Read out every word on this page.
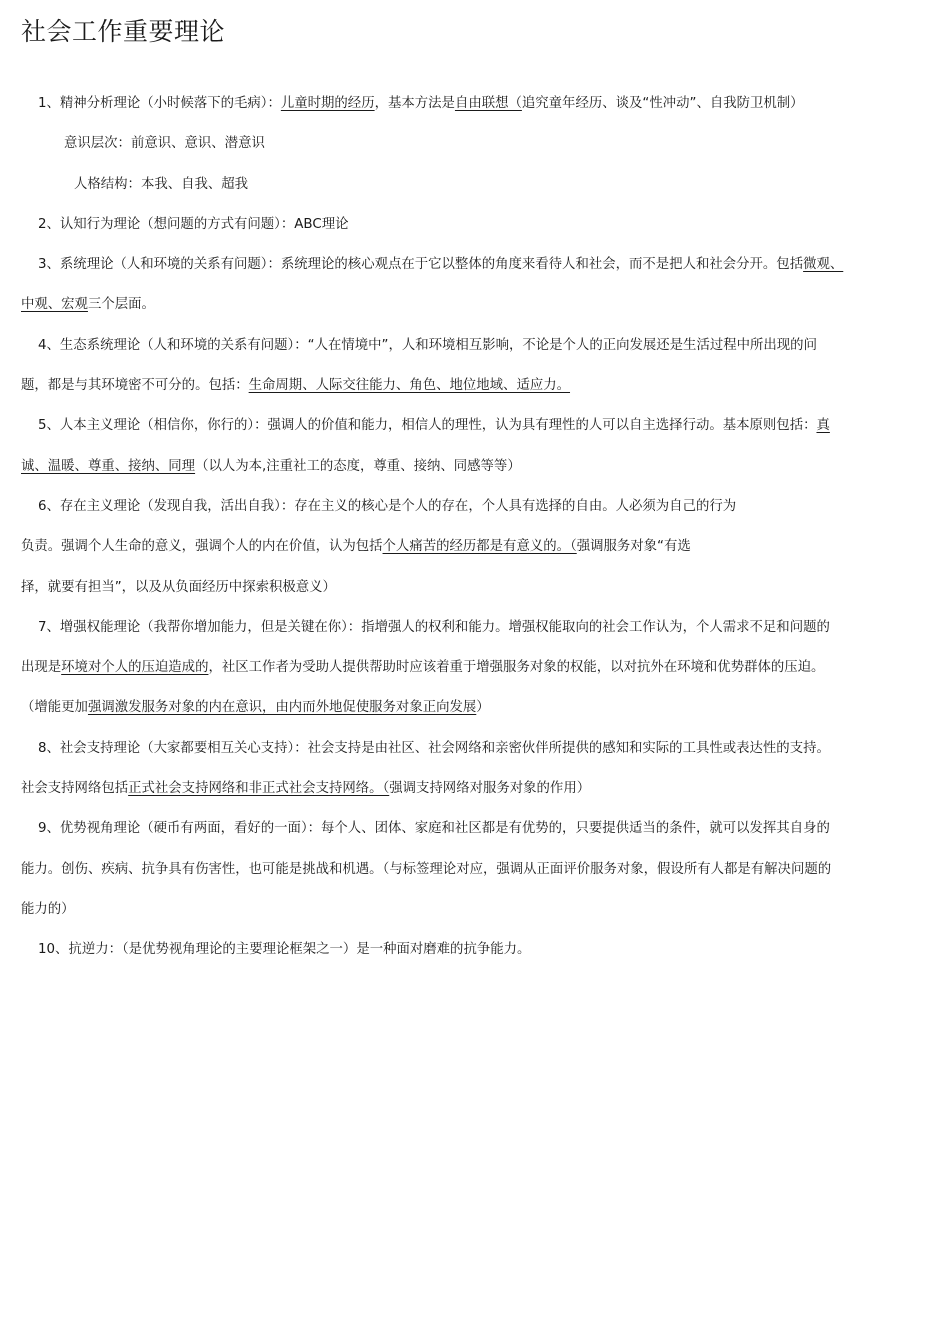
社会工作重要理论

1、精神分析理论（小时候落下的毛病）：儿童时期的经历，基本方法是自由联想（追究童年经历、谈及“性冲动”、自我防卫机制）

意识层次：前意识、意识、潜意识

人格结构：本我、自我、超我

2、认知行为理论（想问题的方式有问题）：ABC理论

3、系统理论（人和环境的关系有问题）：系统理论的核心观点在于它以整体的角度来看待人和社会，而不是把人和社会分开。包括微观、

中观、宏观三个层面。

4、生态系统理论（人和环境的关系有问题）：“人在情境中”，人和环境相互影响，不论是个人的正向发展还是生活过程中所出现的问

题，都是与其环境密不可分的。包括：生命周期、人际交往能力、角色、地位地域、适应力。

5、人本主义理论（相信你，你行的）：强调人的价值和能力，相信人的理性，认为具有理性的人可以自主选择行动。基本原则包括：真

诚、温暖、尊重、接纳、同理（以人为本,注重社工的态度，尊重、接纳、同感等等）

6、存在主义理论（发现自我，活出自我）：存在主义的核心是个人的存在，个人具有选择的自由。人必须为自己的行为

负责。强调个人生命的意义，强调个人的内在价值，认为包括个人痛苦的经历都是有意义的。（强调服务对象“有选

择，就要有担当”，以及从负面经历中探索积极意义）

7、增强权能理论（我帮你增加能力，但是关键在你）：指增强人的权利和能力。增强权能取向的社会工作认为，个人需求不足和问题的

出现是环境对个人的压迫造成的，社区工作者为受助人提供帮助时应该着重于增强服务对象的权能，以对抗外在环境和优势群体的压迫。

（增能更加强调激发服务对象的内在意识，由内而外地促使服务对象正向发展）

8、社会支持理论（大家都要相互关心支持）：社会支持是由社区、社会网络和亲密伙伴所提供的感知和实际的工具性或表达性的支持。

社会支持网络包括正式社会支持网络和非正式社会支持网络。（强调支持网络对服务对象的作用）

9、优势视角理论（硬币有两面，看好的一面）：每个人、团体、家庭和社区都是有优势的，只要提供适当的条件，就可以发挥其自身的

能力。创伤、疾病、抗争具有伤害性，也可能是挑战和机遇。（与标签理论对应，强调从正面评价服务对象，假设所有人都是有解决问题的

能力的）

10、抗逆力：（是优势视角理论的主要理论框架之一）是一种面对磨难的抗争能力。
